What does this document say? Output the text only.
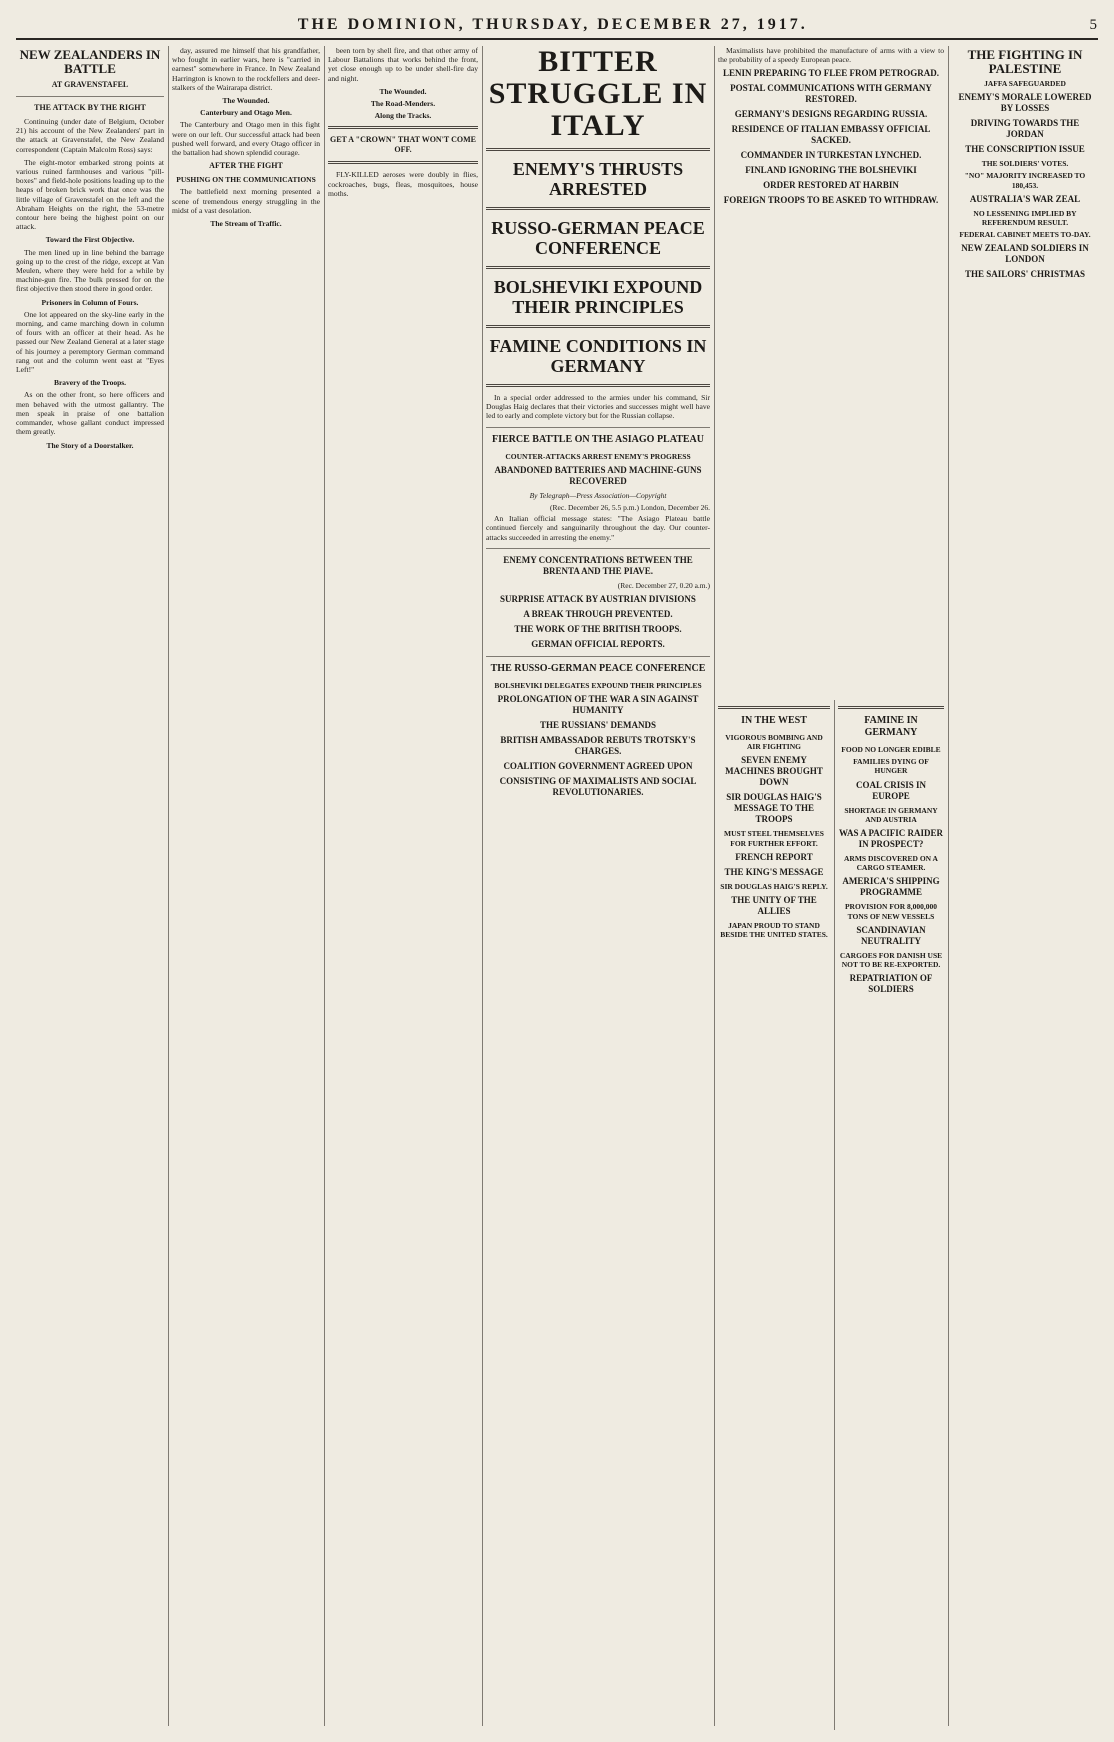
THE DOMINION, THURSDAY, DECEMBER 27, 1917.	5
NEW ZEALANDERS IN BATTLE
AT GRAVENSTAFEL
THE ATTACK BY THE RIGHT

Continuing (under date of Belgium, October 21) his account of the New Zealanders' part in the attack at Gravenstafel, the New Zealand correspondent (Captain Malcolm Ross) says:

The eight-motor embarked strong points at various ruined farmhouses and various "pill-boxes" and field-hole positions leading up to the heaps of broken brick work that once was the little village of Gravenstafel on the left and the Abraham Heights on the right, the 53-metre contour here being the highest point on our attack.

Toward the First Objective.

The men lined up in line behind the barrage going up to the crest of the ridge, except at Van Meulen, where they were held for a while by machine-gun fire. The bulk pressed for on the first objective then stood there in good order.

Prisoners in Column of Fours.

One lot appeared on the sky-line early in the morning, and came marching down in column of fours with an officer at their head. As he passed our New Zealand General at a later stage of his journey a peremptory German command rang out and the column went east at "Eyes Left!"

Bravery of the Troops.

As on the other front, so here officers and men behaved with the utmost gallantry. The men speak in praise of one battalion commander, whose gallant conduct impressed them greatly.

The Story of a Doorstalker.

day, assured me himself that his grandfather, who fought in earlier wars, here is "carried in earnest" somewhere in France. In New Zealand Harrington is known to the rockfellers and deer-stalkers of the Wairarapa district.

The Wounded.
Canterbury and Otago Men.

The Canterbury and Otago men in this fight were on our left. Our successful attack had been pushed well forward, and every Otago officer in the battalion had shown splendid courage.

AFTER THE FIGHT
PUSHING ON THE COMMUNICATIONS

The battlefield next morning presented a scene of tremendous energy struggling in the midst of a vast desolation.

The Stream of Traffic.

been torn by shell fire, and that other army of Labour Battalions that works behind the front, yet close enough up to be under shell-fire day and night.

The Wounded.
The Road-Menders.
Along the Tracks.
GET A "CROWN" THAT WON'T COME OFF.

FLY-KILLED aeroses were doubly in flies, cockroaches, bugs, fleas, mosquitoes, house moths.

BITTER STRUGGLE IN ITALY
ENEMY'S THRUSTS ARRESTED
RUSSO-GERMAN PEACE CONFERENCE
BOLSHEVIKI EXPOUND THEIR PRINCIPLES
FAMINE CONDITIONS IN GERMANY

In a special order addressed to the armies under his command, Sir Douglas Haig declares that their victories and successes might well have led to early and complete victory but for the Russian collapse.

FIERCE BATTLE ON THE ASIAGO PLATEAU
COUNTER-ATTACKS ARREST ENEMY'S PROGRESS
ABANDONED BATTERIES AND MACHINE-GUNS RECOVERED
By Telegraph—Press Association—Copyright
(Rec. December 26, 5.5 p.m.) London, December 26.

An Italian official message states: "The Asiago Plateau battle continued fiercely and sanguinarily throughout the day. Our counter-attacks succeeded in arresting the enemy."

ENEMY CONCENTRATIONS BETWEEN THE BRENTA AND THE PIAVE.
(Rec. December 27, 0.20 a.m.)
SURPRISE ATTACK BY AUSTRIAN DIVISIONS
A BREAK THROUGH PREVENTED.
THE WORK OF THE BRITISH TROOPS.
GERMAN OFFICIAL REPORTS.
THE RUSSO-GERMAN PEACE CONFERENCE
BOLSHEVIKI DELEGATES EXPOUND THEIR PRINCIPLES
PROLONGATION OF THE WAR A SIN AGAINST HUMANITY
THE RUSSIANS' DEMANDS
BRITISH AMBASSADOR REBUTS TROTSKY'S CHARGES.
COALITION GOVERNMENT AGREED UPON
CONSISTING OF MAXIMALISTS AND SOCIAL REVOLUTIONARIES.

Maximalists have prohibited the manufacture of arms with a view to the probability of a speedy European peace.

LENIN PREPARING TO FLEE FROM PETROGRAD.
POSTAL COMMUNICATIONS WITH GERMANY RESTORED.
GERMANY'S DESIGNS REGARDING RUSSIA.
RESIDENCE OF ITALIAN EMBASSY OFFICIAL SACKED.
COMMANDER IN TURKESTAN LYNCHED.
FINLAND IGNORING THE BOLSHEVIKI
ORDER RESTORED AT HARBIN
FOREIGN TROOPS TO BE ASKED TO WITHDRAW.
IN THE WEST
VIGOROUS BOMBING AND AIR FIGHTING
SEVEN ENEMY MACHINES BROUGHT DOWN
SIR DOUGLAS HAIG'S MESSAGE TO THE TROOPS
MUST STEEL THEMSELVES FOR FURTHER EFFORT.
FRENCH REPORT
THE KING'S MESSAGE
SIR DOUGLAS HAIG'S REPLY.
THE UNITY OF THE ALLIES
JAPAN PROUD TO STAND BESIDE THE UNITED STATES.
FAMINE IN GERMANY
FOOD NO LONGER EDIBLE
FAMILIES DYING OF HUNGER
COAL CRISIS IN EUROPE
SHORTAGE IN GERMANY AND AUSTRIA
WAS A PACIFIC RAIDER IN PROSPECT?
ARMS DISCOVERED ON A CARGO STEAMER.
AMERICA'S SHIPPING PROGRAMME
PROVISION FOR 8,000,000 TONS OF NEW VESSELS
SCANDINAVIAN NEUTRALITY
CARGOES FOR DANISH USE NOT TO BE RE-EXPORTED.
REPATRIATION OF SOLDIERS
THE FIGHTING IN PALESTINE
JAFFA SAFEGUARDED
ENEMY'S MORALE LOWERED BY LOSSES
DRIVING TOWARDS THE JORDAN
THE CONSCRIPTION ISSUE
THE SOLDIERS' VOTES.
"NO" MAJORITY INCREASED TO 180,453.
AUSTRALIA'S WAR ZEAL
NO LESSENING IMPLIED BY REFERENDUM RESULT.
FEDERAL CABINET MEETS TO-DAY.
NEW ZEALAND SOLDIERS IN LONDON
THE SAILORS' CHRISTMAS
